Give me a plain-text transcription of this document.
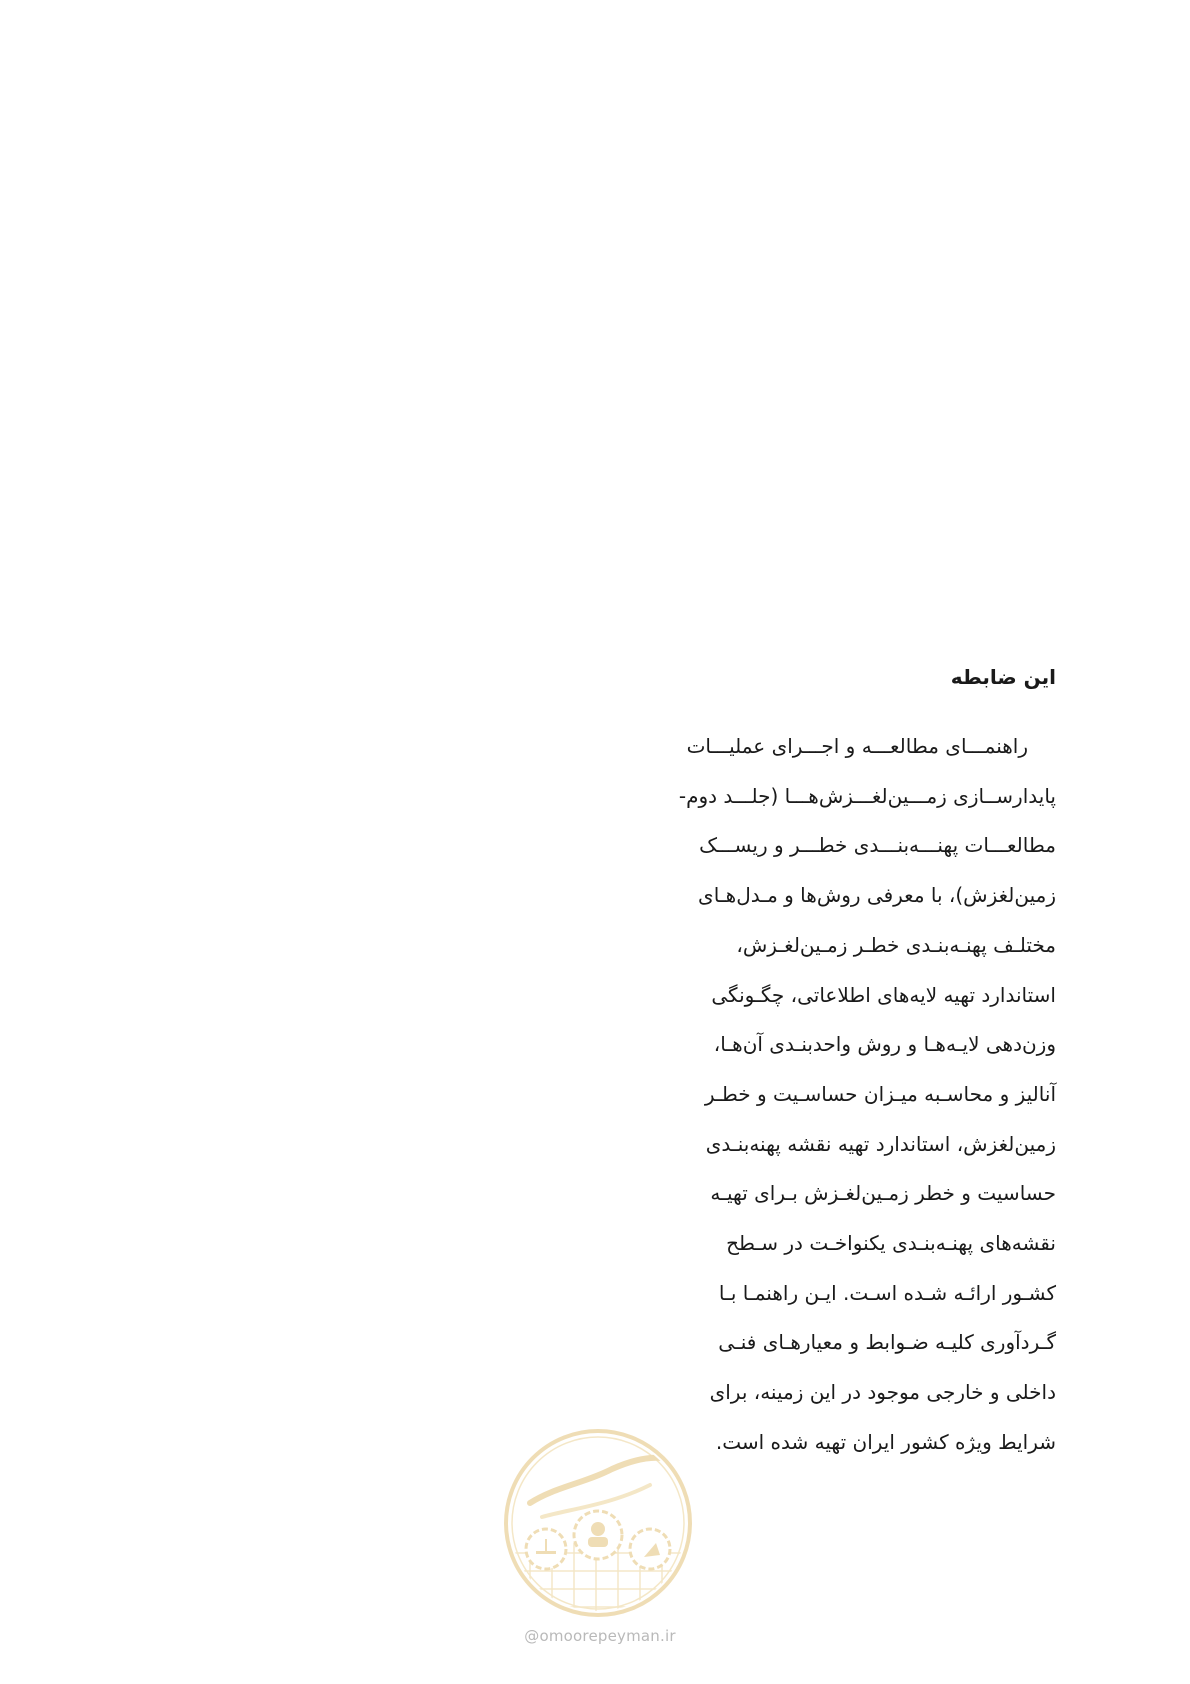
این ضابطه
راهنمـــای مطالعـــه و اجـــرای عملیـــات
پایدارســازی زمـــین‌لغـــزش‌هـــا (جلـــد دوم-
مطالعـــات پهنـــه‌بنـــدی خطـــر و ریســـک
زمین‌لغزش)، با معرفی روش‌ها و مـدل‌هـای
مختلـف پهنـه‌بنـدی خطـر زمـین‌لغـزش،
استاندارد تهیه لایه‌های اطلاعاتی، چگـونگی
وزن‌دهی لایـه‌هـا و روش واحدبنـدی آن‌هـا،
آنالیز و محاسـبه میـزان حساسـیت و خطـر
زمین‌لغزش، استاندارد تهیه نقشه پهنه‌بنـدی
حساسیت و خطر زمـین‌لغـزش بـرای تهیـه
نقشه‌های پهنـه‌بنـدی یکنواخـت در سـطح
کشـور ارائـه شـده اسـت. ایـن راهنمـا بـا
گـردآوری کلیـه ضـوابط و معیارهـای فنـی
داخلی و خارجی موجود در این زمینه، برای
شرایط ویژه کشور ایران تهیه شده است.
@omoorepeyman.ir
